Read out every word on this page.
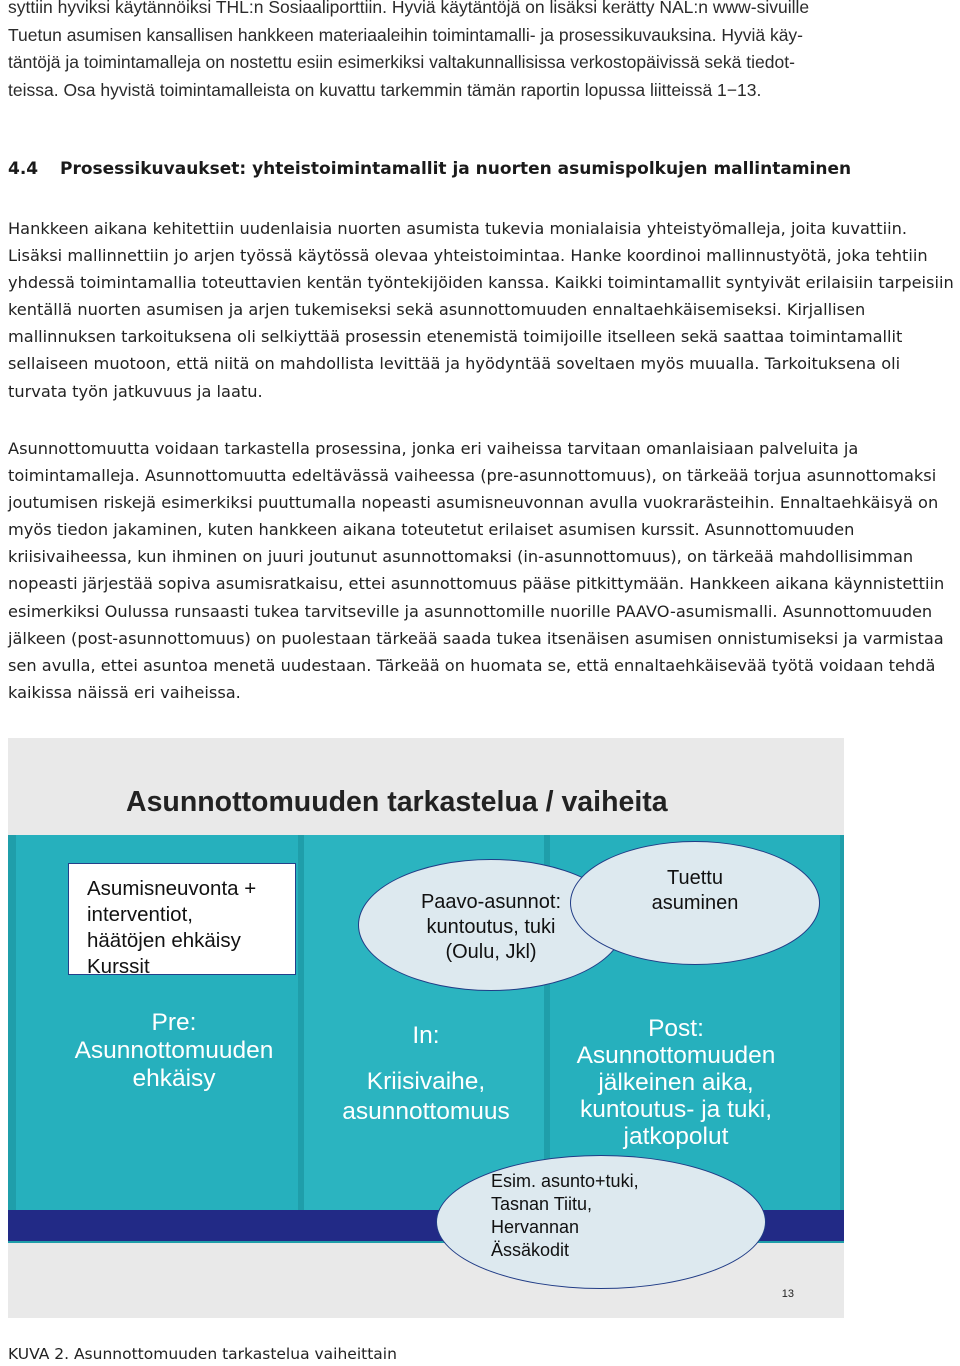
syttiin hyviksi käytännöiksi THL:n Sosiaaliporttiin. Hyviä käytäntöjä on lisäksi kerätty NAL:n www-sivuille

Tuetun asumisen kansallisen hankkeen materiaaleihin toimintamalli- ja prosessikuvauksina. Hyviä käy-

täntöjä ja toimintamalleja on nostettu esiin esimerkiksi valtakunnallisissa verkostopäivissä sekä tiedot-

teissa. Osa hyvistä toimintamalleista on kuvattu tarkemmin tämän raportin lopussa liitteissä 1−13.

4.4 Prosessikuvaukset: yhteistoimintamallit ja nuorten asumispolkujen mallintaminen

Hankkeen aikana kehitettiin uudenlaisia nuorten asumista tukevia monialaisia yhteistyömalleja, joita kuvattiin. Lisäksi mallinnettiin jo arjen työssä käytössä olevaa yhteistoimintaa. Hanke koordinoi mallinnustyötä, joka tehtiin yhdessä toimintamallia toteuttavien kentän työntekijöiden kanssa. Kaikki toimintamallit syntyivät erilaisiin tarpeisiin kentällä nuorten asumisen ja arjen tukemiseksi sekä asunnottomuuden ennaltaehkäisemiseksi. Kirjallisen mallinnuksen tarkoituksena oli selkiyttää prosessin etenemistä toimijoille itselleen sekä saattaa toimintamallit sellaiseen muotoon, että niitä on mahdollista levittää ja hyödyntää soveltaen myös muualla. Tarkoituksena oli turvata työn jatkuvuus ja laatu.

Asunnottomuutta voidaan tarkastella prosessina, jonka eri vaiheissa tarvitaan omanlaisiaan palveluita ja toimintamalleja. Asunnottomuutta edeltävässä vaiheessa (pre-asunnottomuus), on tärkeää torjua asunnottomaksi joutumisen riskejä esimerkiksi puuttumalla nopeasti asumisneuvonnan avulla vuokrarästeihin. Ennaltaehkäisyä on myös tiedon jakaminen, kuten hankkeen aikana toteutetut erilaiset asumisen kurssit. Asunnottomuuden kriisivaiheessa, kun ihminen on juuri joutunut asunnottomaksi (in-asunnottomuus), on tärkeää mahdollisimman nopeasti järjestää sopiva asumisratkaisu, ettei asunnottomuus pääse pitkittymään. Hankkeen aikana käynnistettiin esimerkiksi Oulussa runsaasti tukea tarvitseville ja asunnottomille nuorille PAAVO-asumismalli. Asunnottomuuden jälkeen (post-asunnottomuus) on puolestaan tärkeää saada tukea itsenäisen asumisen onnistumiseksi ja varmistaa sen avulla, ettei asuntoa menetä uudestaan. Tärkeää on huomata se, että ennaltaehkäisevää työtä voidaan tehdä kaikissa näissä eri vaiheissa.

Asunnottomuuden tarkastelua / vaiheita
Asumisneuvonta +
interventiot,
häätöjen ehkäisy
Kurssit
Pre:
Asunnottomuuden
ehkäisy
Paavo-asunnot:
kuntoutus, tuki
(Oulu, Jkl)
In:
Kriisivaihe,
asunnottomuus
Tuettu
asuminen
Post:
Asunnottomuuden
jälkeinen aika,
kuntoutus- ja tuki,
jatkopolut
Esim. asunto+tuki,
Tasnan Tiitu,
Hervannan
Ässäkodit
13

KUVA 2. Asunnottomuuden tarkastelua vaiheittain
